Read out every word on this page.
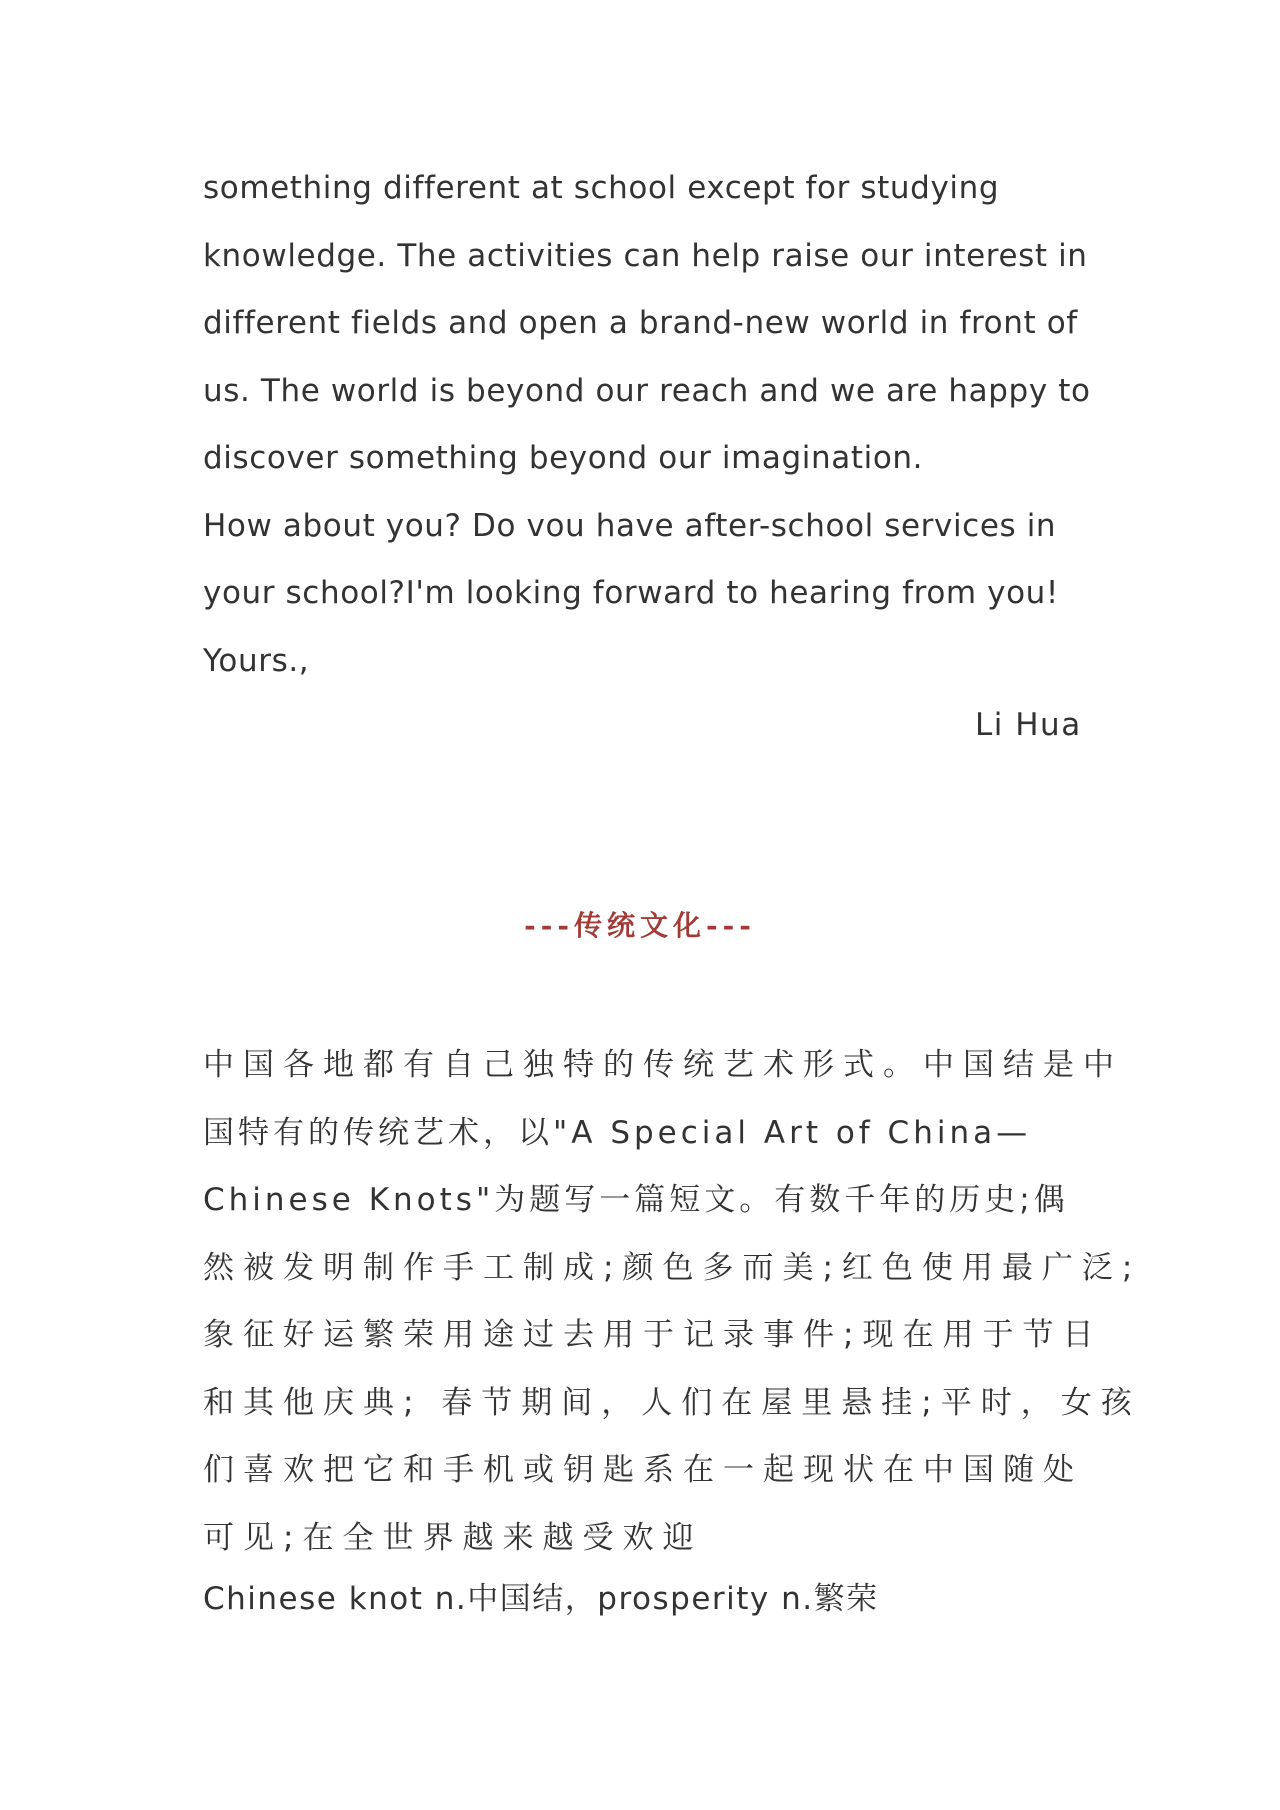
something different at school except for studying
knowledge. The activities can help raise our interest in
different fields and open a brand-new world in front of
us. The world is beyond our reach and we are happy to
discover something beyond our imagination.
How about you? Do vou have after-school services in
your school?I'm looking forward to hearing from you!
Yours.,
Li Hua
---传统文化---
中国各地都有自己独特的传统艺术形式。中国结是中
国特有的传统艺术，以"A Special Art of China—
Chinese Knots"为题写一篇短文。有数千年的历史;偶
然被发明制作手工制成;颜色多而美;红色使用最广泛;
象征好运繁荣用途过去用于记录事件;现在用于节日
和其他庆典; 春节期间，人们在屋里悬挂;平时，女孩
们喜欢把它和手机或钥匙系在一起现状在中国随处
可见;在全世界越来越受欢迎
Chinese knot n.中国结，prosperity n.繁荣
